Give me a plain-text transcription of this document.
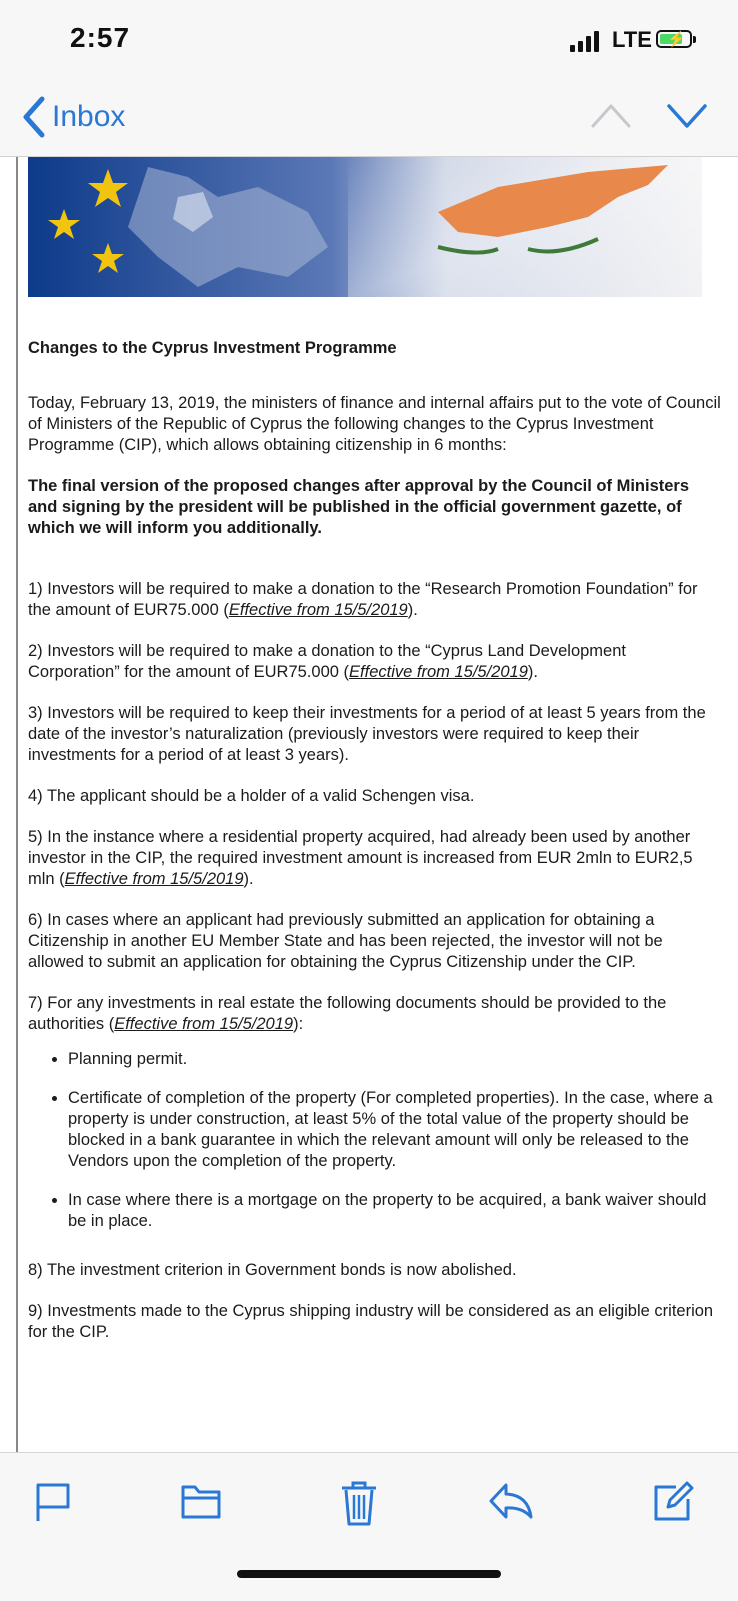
2:57	LTE ⚡
Inbox
Changes to the Cyprus Investment Programme

Today, February 13, 2019, the ministers of finance and internal affairs put to the vote of Council of Ministers of the Republic of Cyprus the following changes to the Cyprus Investment Programme (CIP), which allows obtaining citizenship in 6 months:

The final version of the proposed changes after approval by the Council of Ministers and signing by the president will be published in the official government gazette, of which we will inform you additionally.

1) Investors will be required to make a donation to the “Research Promotion Foundation” for the amount of EUR75.000 (Effective from 15/5/2019).

2) Investors will be required to make a donation to the “Cyprus Land Development Corporation” for the amount of EUR75.000 (Effective from 15/5/2019).

3) Investors will be required to keep their investments for a period of at least 5 years from the date of the investor’s naturalization (previously investors were required to keep their investments for a period of at least 3 years).

4) The applicant should be a holder of a valid Schengen visa.

5) In the instance where a residential property acquired, had already been used by another investor in the CIP, the required investment amount is increased from EUR 2mln to EUR2,5 mln (Effective from 15/5/2019).

6) In cases where an applicant had previously submitted an application for obtaining a Citizenship in another EU Member State and has been rejected, the investor will not be allowed to submit an application for obtaining the Cyprus Citizenship under the CIP.

7) For any investments in real estate the following documents should be provided to the authorities (Effective from 15/5/2019):

• Planning permit.
• Certificate of completion of the property (For completed properties). In the case, where a property is under construction, at least 5% of the total value of the property should be blocked in a bank guarantee in which the relevant amount will only be released to the Vendors upon the completion of the property.
• In case where there is a mortgage on the property to be acquired, a bank waiver should be in place.

8) The investment criterion in Government bonds is now abolished.

9) Investments made to the Cyprus shipping industry will be considered as an eligible criterion for the CIP.
